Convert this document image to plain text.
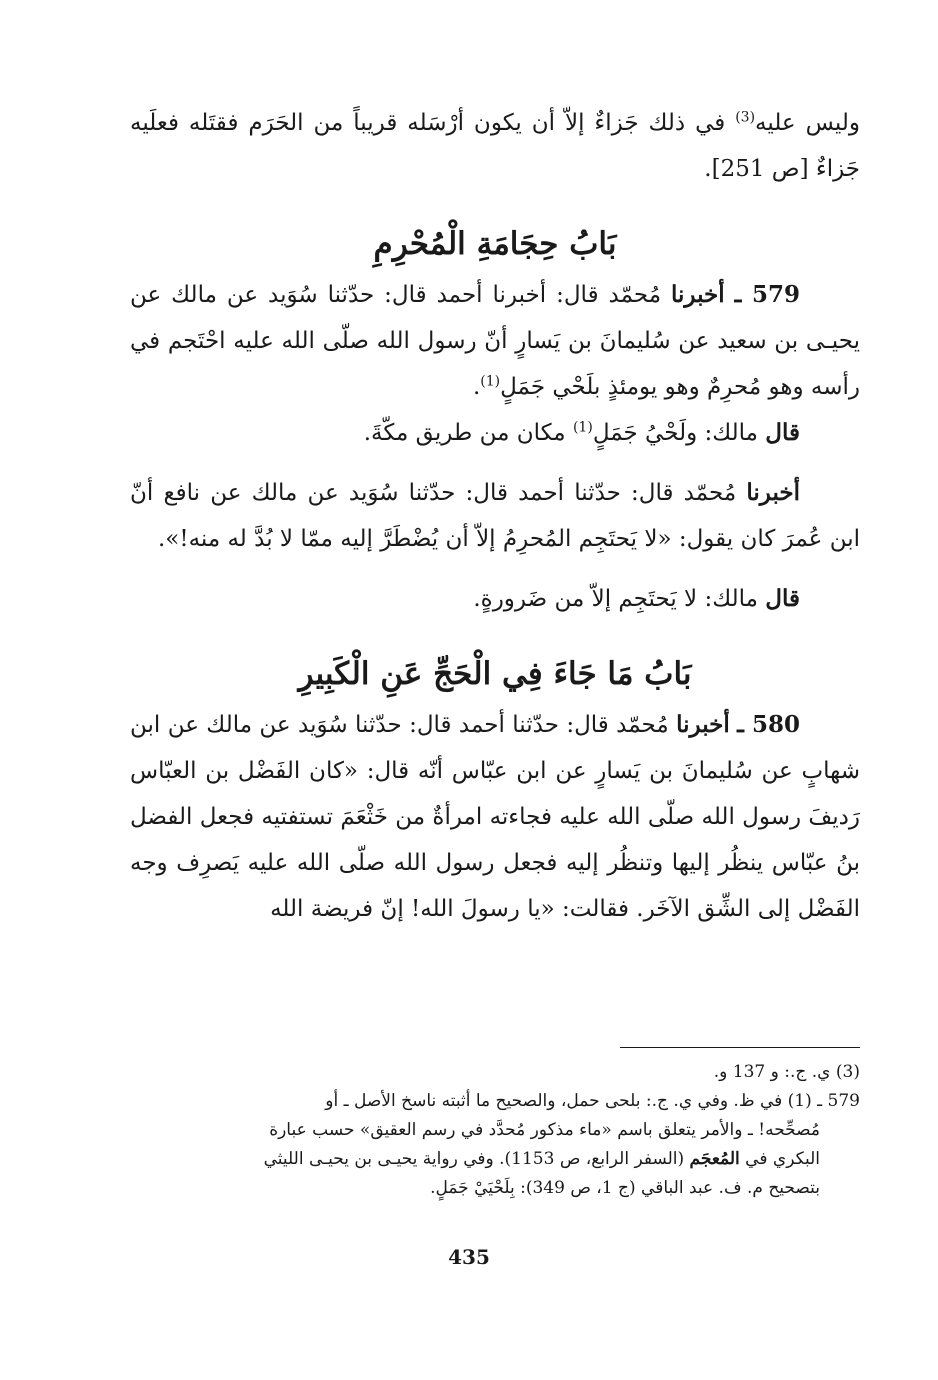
وليس عليه$^{(3)}$ في ذلك جَزاءٌ إلاّ أن يكون أرْسَله قريباً من الحَرَم فقتَله فعلَيه جَزاءٌ [ص 251].

بَابُ حِجَامَةِ الْمُحْرِمِ

579 ـ أخبرنا مُحمّد قال: أخبرنا أحمد قال: حدّثنا سُوَيد عن مالك عن يحيـى بن سعيد عن سُليمانَ بن يَسارٍ أنّ رسول الله صلّى الله عليه احْتَجم في رأسه وهو مُحرِمٌ وهو يومئذٍ بلَحْي جَمَلٍ$^{(1)}$.

قال مالك: ولَحْيُ جَمَلٍ$^{(1)}$ مكان من طريق مكّةَ.

أخبرنا مُحمّد قال: حدّثنا أحمد قال: حدّثنا سُوَيد عن مالك عن نافع أنّ ابن عُمرَ كان يقول: «لا يَحتَجِم المُحرِمُ إلاّ أن يُضْطَرَّ إليه ممّا لا بُدَّ له منه!».

قال مالك: لا يَحتَجِم إلاّ من ضَرورةٍ.

بَابُ مَا جَاءَ فِي الْحَجِّ عَنِ الْكَبِيرِ

580 ـ أخبرنا مُحمّد قال: حدّثنا أحمد قال: حدّثنا سُوَيد عن مالك عن ابن شهابٍ عن سُليمانَ بن يَسارٍ عن ابن عبّاس أنّه قال: «كان الفَضْل بن العبّاس رَديفَ رسول الله صلّى الله عليه فجاءته امرأةٌ من خَثْعَمَ تستفتيه فجعل الفضل بنُ عبّاس ينظُر إليها وتنظُر إليه فجعل رسول الله صلّى الله عليه يَصرِف وجه الفَضْل إلى الشِّق الآخَر. فقالت: «يا رسولَ الله! إنّ فريضة الله

(3) ي. ج.: و 137 و.

579 ـ (1) في ظ. وفي ي. ج.: بلحى حمل، والصحيح ما أثبته ناسخ الأصل ـ أو

مُصحِّحه! ـ والأمر يتعلق باسم «ماء مذكور مُحدَّد في رسم العقيق» حسب عبارة

البكري في المُعجَم (السفر الرابع، ص 1153). وفي رواية يحيـى بن يحيـى الليثي

بتصحيح م. ف. عبد الباقي (ج 1، ص 349): بِلَحْيَيْ جَمَلٍ.

435
